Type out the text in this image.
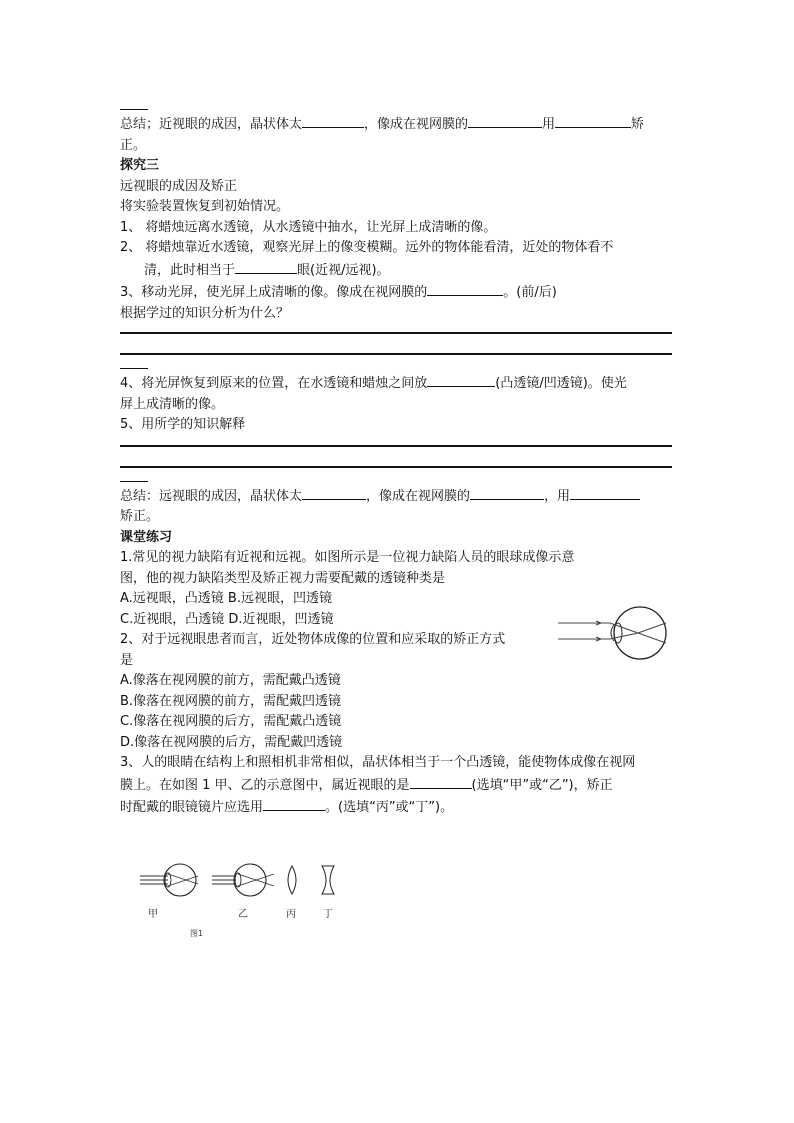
总结；近视眼的成因，晶状体太	，像成在视网膜的	用	矫
正。
探究三
远视眼的成因及矫正
将实验装置恢复到初始情况。
1、 将蜡烛远离水透镜，从水透镜中抽水，让光屏上成清晰的像。
2、 将蜡烛靠近水透镜，观察光屏上的像变模糊。远外的物体能看清，近处的物体看不
清，此时相当于	眼(近视/远视)。
3、移动光屏，使光屏上成清晰的像。像成在视网膜的	。(前/后)
根据学过的知识分析为什么？
4、将光屏恢复到原来的位置，在水透镜和蜡烛之间放	(凸透镜/凹透镜)。使光
屏上成清晰的像。
5、用所学的知识解释
总结：远视眼的成因，晶状体太	，像成在视网膜的	，用
矫正。
课堂练习
1.常见的视力缺陷有近视和远视。如图所示是一位视力缺陷人员的眼球成像示意
图，他的视力缺陷类型及矫正视力需要配戴的透镜种类是
A.远视眼，凸透镜 B.远视眼，凹透镜
C.近视眼，凸透镜 D.近视眼，凹透镜
2、对于远视眼患者而言，近处物体成像的位置和应采取的矫正方式
是
A.像落在视网膜的前方，需配戴凸透镜
B.像落在视网膜的前方，需配戴凹透镜
C.像落在视网膜的后方，需配戴凸透镜
D.像落在视网膜的后方，需配戴凹透镜
3、人的眼睛在结构上和照相机非常相似，晶状体相当于一个凸透镜，能使物体成像在视网
膜上。在如图 1 甲、乙的示意图中，属近视眼的是	(选填“甲”或“乙”)，矫正
时配戴的眼镜镜片应选用	。(选填“丙”或“丁”)。
甲	乙	丙	丁
图1
